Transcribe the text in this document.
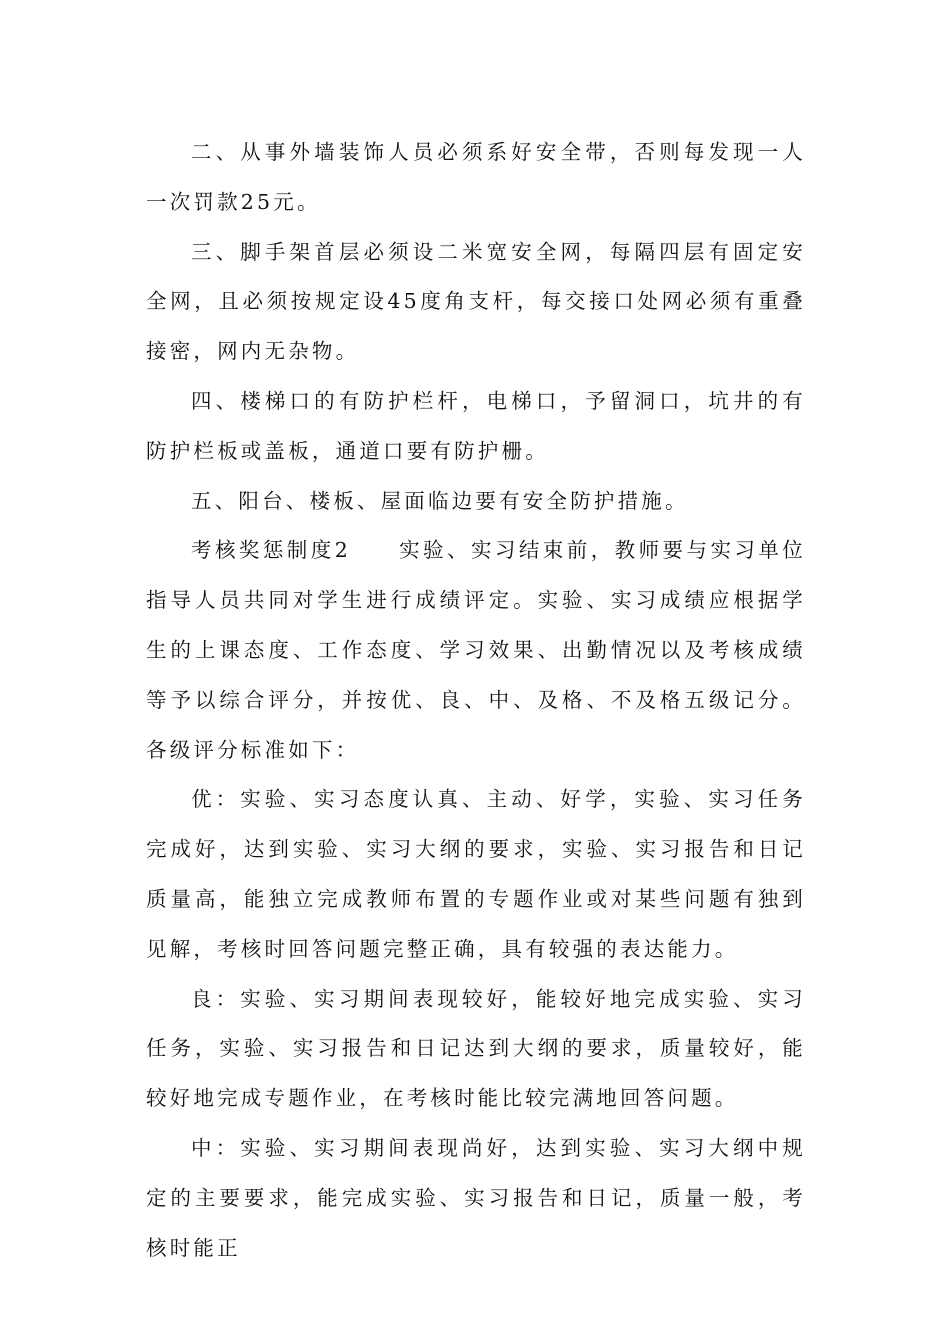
二、从事外墙装饰人员必须系好安全带，否则每发现一人一次罚款25元。

三、脚手架首层必须设二米宽安全网，每隔四层有固定安全网，且必须按规定设45度角支杆，每交接口处网必须有重叠接密，网内无杂物。

四、楼梯口的有防护栏杆，电梯口，予留洞口，坑井的有防护栏板或盖板，通道口要有防护栅。

五、阳台、楼板、屋面临边要有安全防护措施。

考核奖惩制度2　　实验、实习结束前，教师要与实习单位指导人员共同对学生进行成绩评定。实验、实习成绩应根据学生的上课态度、工作态度、学习效果、出勤情况以及考核成绩等予以综合评分，并按优、良、中、及格、不及格五级记分。各级评分标准如下：

优：实验、实习态度认真、主动、好学，实验、实习任务完成好，达到实验、实习大纲的要求，实验、实习报告和日记质量高，能独立完成教师布置的专题作业或对某些问题有独到见解，考核时回答问题完整正确，具有较强的表达能力。

良：实验、实习期间表现较好，能较好地完成实验、实习任务，实验、实习报告和日记达到大纲的要求，质量较好，能较好地完成专题作业，在考核时能比较完满地回答问题。

中：实验、实习期间表现尚好，达到实验、实习大纲中规定的主要要求，能完成实验、实习报告和日记，质量一般，考核时能正
